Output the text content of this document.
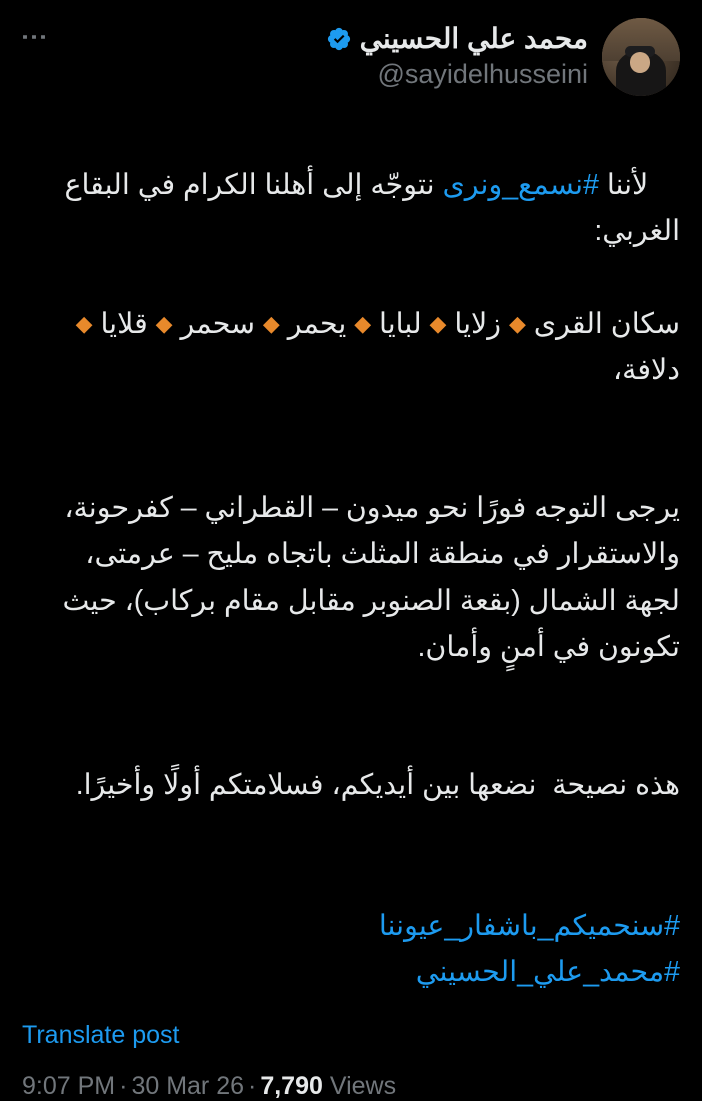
محمد علي الحسيني
@sayidelhusseini
⋮

لأننا #نسمع_ونرى نتوجّه إلى أهلنا الكرام في البقاع الغربي:

سكان القرى ◆ زلايا ◆ لبايا ◆ يحمر ◆ سحمر ◆ قلايا ◆ دلافة،

يرجى التوجه فورًا نحو ميدون – القطراني – كفرحونة، والاستقرار في منطقة المثلث باتجاه مليح – عرمتى، لجهة الشمال (بقعة الصنوبر مقابل مقام بركاب)، حيث تكونون في أمنٍ وأمان.

هذه نصيحة  نضعها بين أيديكم، فسلامتكم أولًا وأخيرًا.

#سنحميكم_باشفار_عيوننا
#محمد_علي_الحسيني
Translate post
9:07 PM · 30 Mar 26 · 7,790 Views
